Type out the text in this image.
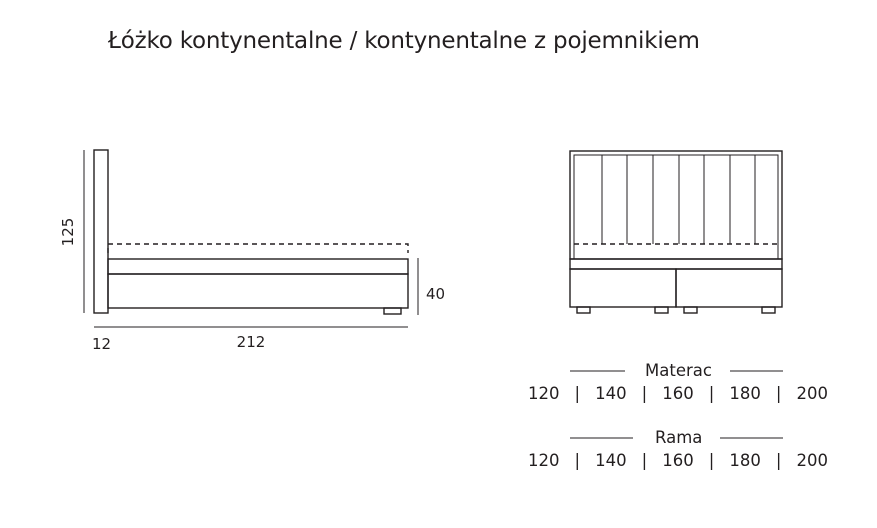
Łóżko kontynentalne / kontynentalne z pojemnikiem
125
40
12	212
Materac
120 | 140 | 160 | 180 | 200
Rama
120 | 140 | 160 | 180 | 200
